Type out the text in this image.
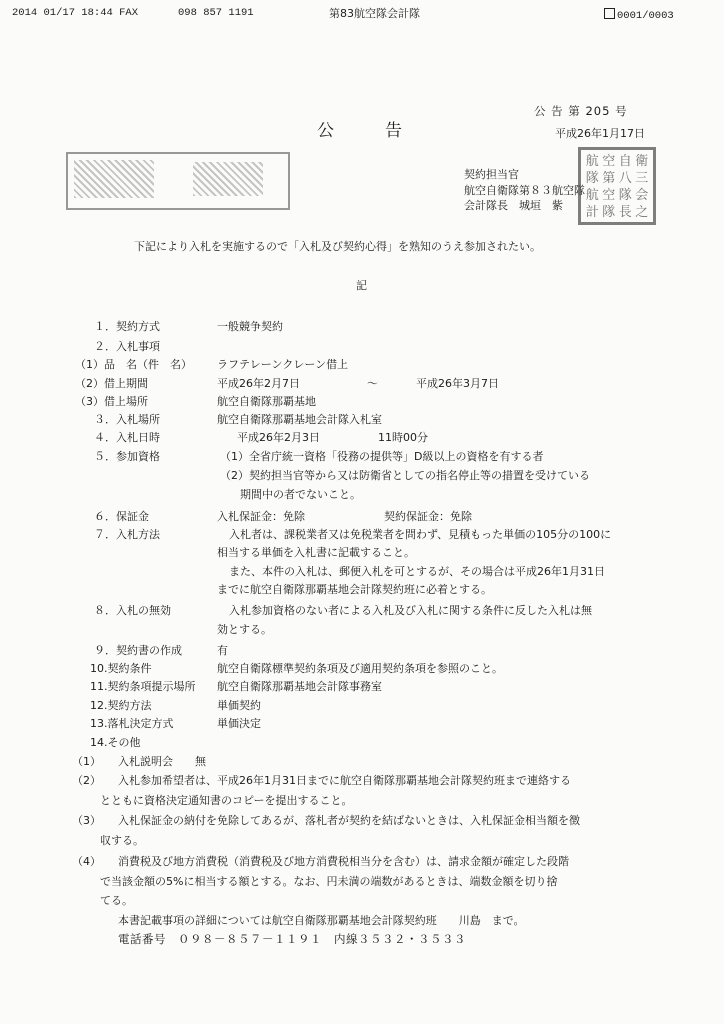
2014 01/17 18:44 FAX	098 857 1191	第83航空隊会計隊	0001/0003
公 告 第 205 号
平成26年1月17日
公　　　告
契約担当官
航空自衛隊第８３航空隊
会計隊長　城垣　紫
航 空 自 衛
隊 第 八 三
航 空 隊 会
計 隊 長 之
下記により入札を実施するので「入札及び契約心得」を熟知のうえ参加されたい。
記
１．契約方式	一般競争契約
２．入札事項
（1）品　名（件　名） ラフテレーンクレーン借上
（2）借上期間	平成26年2月7日	～	平成26年3月7日
（3）借上場所	航空自衛隊那覇基地
３．入札場所	航空自衛隊那覇基地会計隊入札室
４．入札日時	平成26年2月3日	11時00分
５．参加資格	（1）全省庁統一資格「役務の提供等」D級以上の資格を有する者
（2）契約担当官等から又は防衛省としての指名停止等の措置を受けている
期間中の者でないこと。
６．保証金	入札保証金：免除	契約保証金：免除
７．入札方法	入札者は、課税業者又は免税業者を問わず、見積もった単価の105分の100に
相当する単価を入札書に記載すること。
また、本件の入札は、郵便入札を可とするが、その場合は平成26年1月31日
までに航空自衛隊那覇基地会計隊契約班に必着とする。
８．入札の無効	入札参加資格のない者による入札及び入札に関する条件に反した入札は無
効とする。
９．契約書の作成	有
10.契約条件	航空自衛隊標準契約条項及び適用契約条項を参照のこと。
11.契約条項提示場所 航空自衛隊那覇基地会計隊事務室
12.契約方法	単価契約
13.落札決定方式	単価決定
14.その他
（1） 入札説明会　　無
（2） 入札参加希望者は、平成26年1月31日までに航空自衛隊那覇基地会計隊契約班まで連絡する
とともに資格決定通知書のコピーを提出すること。
（3） 入札保証金の納付を免除してあるが、落札者が契約を結ばないときは、入札保証金相当額を徴
収する。
（4） 消費税及び地方消費税（消費税及び地方消費税相当分を含む）は、請求金額が確定した段階
で当該金額の5%に相当する額とする。なお、円未満の端数があるときは、端数金額を切り捨
てる。
本書記載事項の詳細については航空自衛隊那覇基地会計隊契約班　　川島　まで。
電話番号　０９８－８５７－１１９１　内線３５３２・３５３３
